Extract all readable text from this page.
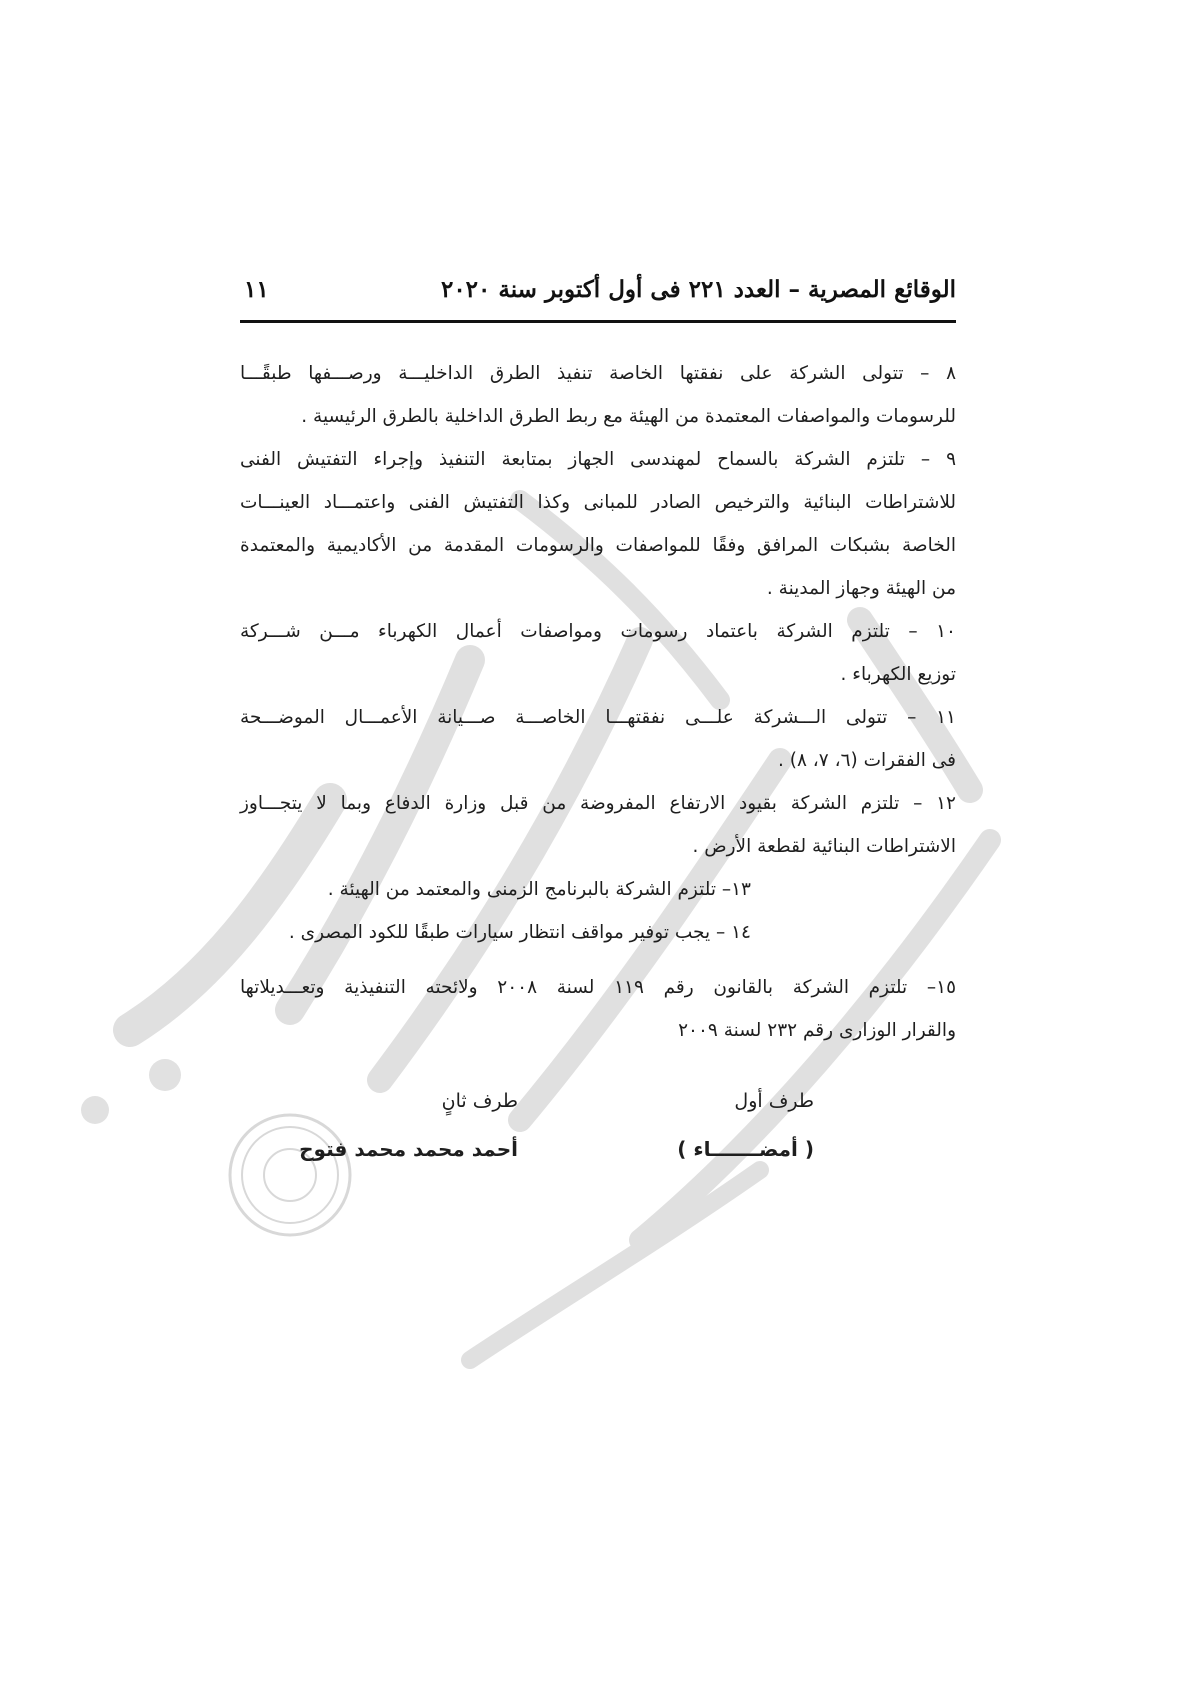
الوقائع المصرية – العدد ٢٢١ فى أول أكتوبر سنة ٢٠٢٠
١١

٨ – تتولى الشركة على نفقتها الخاصة تنفيذ الطرق الداخليـــة ورصـــفها طبقًـــا

للرسومات والمواصفات المعتمدة من الهيئة مع ربط الطرق الداخلية بالطرق الرئيسية .

٩ – تلتزم الشركة بالسماح لمهندسى الجهاز بمتابعة التنفيذ وإجراء التفتيش الفنى

للاشتراطات البنائية والترخيص الصادر للمبانى وكذا التفتيش الفنى واعتمـــاد العينـــات

الخاصة بشبكات المرافق وفقًا للمواصفات والرسومات المقدمة من الأكاديمية والمعتمدة

من الهيئة وجهاز المدينة .

١٠ – تلتزم الشركة باعتماد رسومات ومواصفات أعمال الكهرباء مـــن شـــركة

توزيع الكهرباء .

١١ – تتولى الـــشركة علـــى نفقتهـــا الخاصـــة صـــيانة الأعمـــال الموضـــحة

فى الفقرات (٦، ٧، ٨) .

١٢ – تلتزم الشركة بقيود الارتفاع المفروضة من قبل وزارة الدفاع وبما لا يتجـــاوز

الاشتراطات البنائية لقطعة الأرض .

١٣– تلتزم الشركة بالبرنامج الزمنى والمعتمد من الهيئة .

١٤ – يجب توفير مواقف انتظار سيارات طبقًا للكود المصرى .

١٥– تلتزم الشركة بالقانون رقم ١١٩ لسنة ٢٠٠٨ ولائحته التنفيذية وتعـــديلاتها

والقرار الوزارى رقم ٢٣٢ لسنة ٢٠٠٩

طرف أول
طرف ثانٍ
( أمضـــــــاء )
أحمد محمد محمد فتوح
